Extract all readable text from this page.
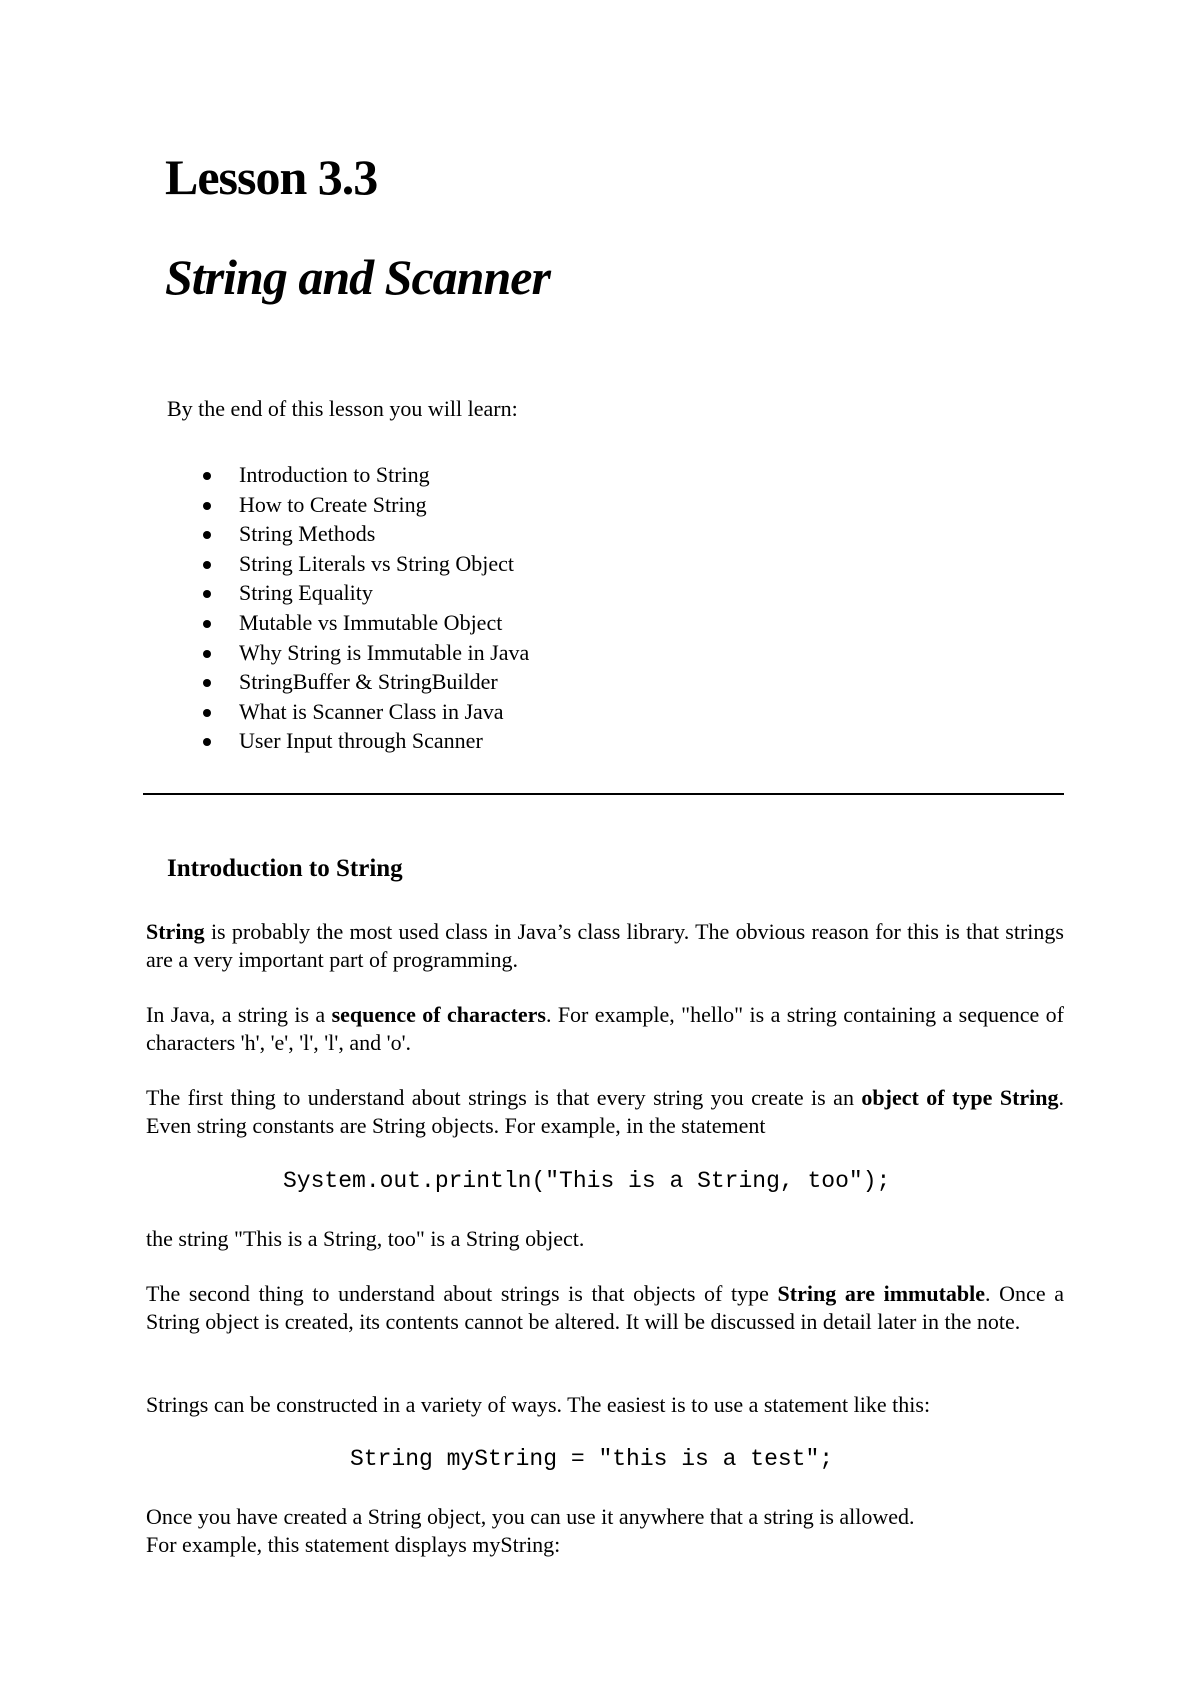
Lesson 3.3
String and Scanner

By the end of this lesson you will learn:

Introduction to String
How to Create String
String Methods
String Literals vs String Object
String Equality
Mutable vs Immutable Object
Why String is Immutable in Java
StringBuffer & StringBuilder
What is Scanner Class in Java
User Input through Scanner
Introduction to String

String is probably the most used class in Java’s class library. The obvious reason for this is that strings are a very important part of programming.

In Java, a string is a sequence of characters. For example, "hello" is a string containing a sequence of characters 'h', 'e', 'l', 'l', and 'o'.

The first thing to understand about strings is that every string you create is an object of type String. Even string constants are String objects. For example, in the statement

System.out.println("This is a String, too");

the string "This is a String, too" is a String object.

The second thing to understand about strings is that objects of type String are immutable. Once a String object is created, its contents cannot be altered. It will be discussed in detail later in the note.

Strings can be constructed in a variety of ways. The easiest is to use a statement like this:

String myString = "this is a test";

Once you have created a String object, you can use it anywhere that a string is allowed.
For example, this statement displays myString:
